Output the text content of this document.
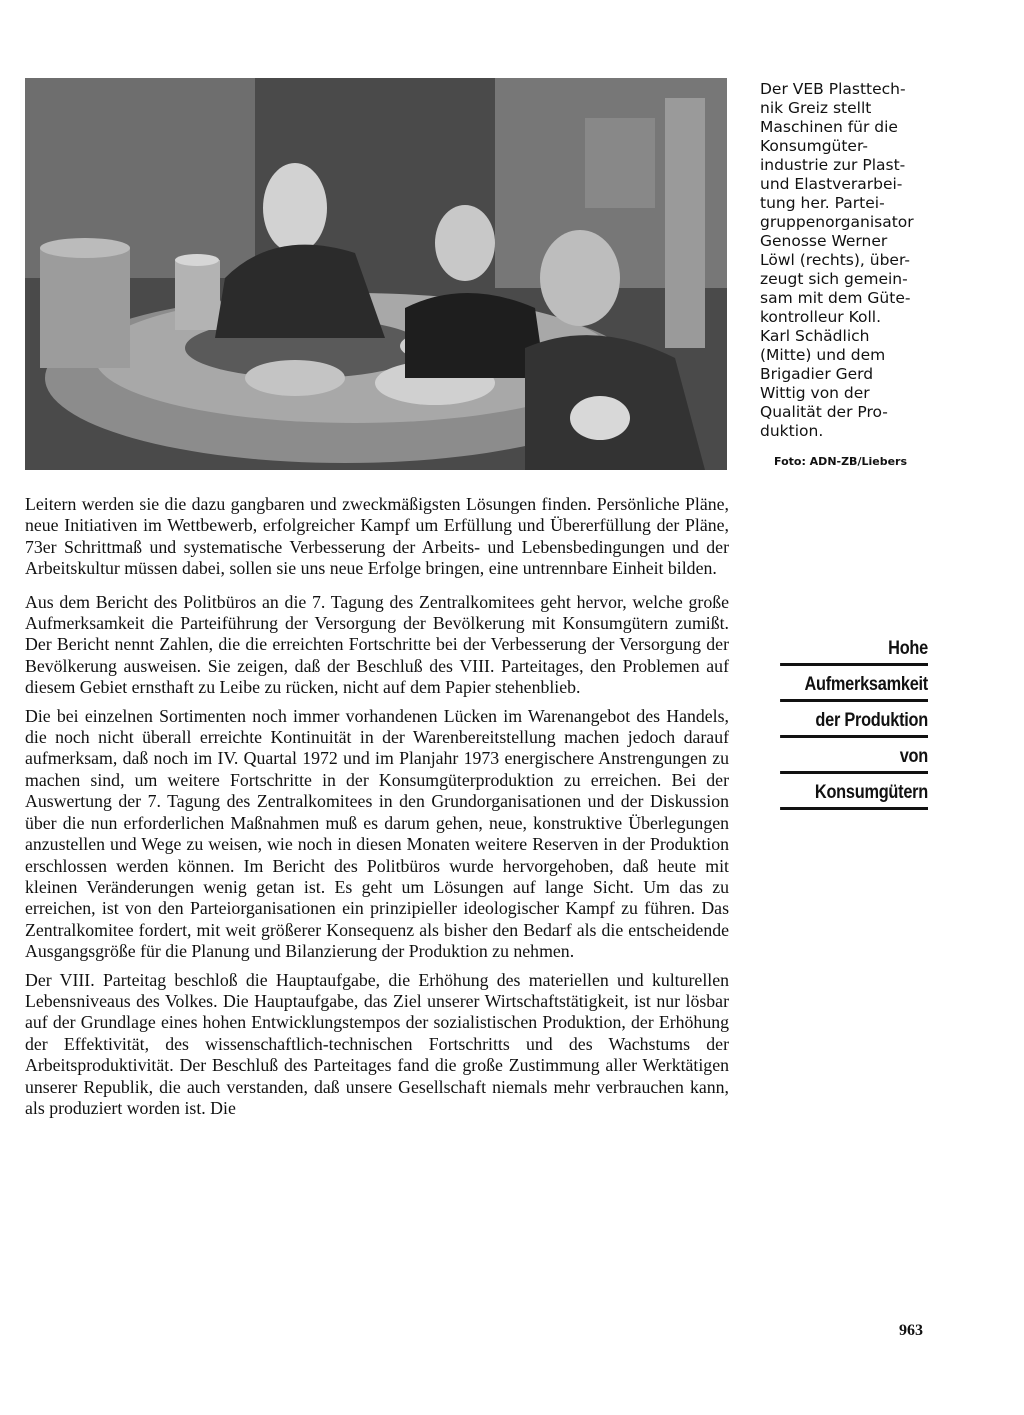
Der VEB Plasttech-
nik Greiz stellt
Maschinen für die
Konsumgüter-
industrie zur Plast-
und Elastverarbei-
tung her. Partei-
gruppenorganisator
Genosse Werner
Löwl (rechts), über-
zeugt sich gemein-
sam mit dem Güte-
kontrolleur Koll.
Karl Schädlich
(Mitte) und dem
Brigadier Gerd
Wittig von der
Qualität der Pro-
duktion.
Foto: ADN-ZB/Liebers

Leitern werden sie die dazu gangbaren und zweckmäßigsten Lösungen finden. Persönliche Pläne, neue Initiativen im Wettbewerb, erfolgreicher Kampf um Erfüllung und Übererfüllung der Pläne, 73er Schrittmaß und systematische Verbesserung der Arbeits- und Lebensbedingungen und der Arbeitskultur müssen dabei, sollen sie uns neue Erfolge bringen, eine untrennbare Einheit bilden.

Aus dem Bericht des Politbüros an die 7. Tagung des Zentralkomitees geht hervor, welche große Aufmerksamkeit die Parteiführung der Versorgung der Bevölkerung mit Konsumgütern zumißt. Der Bericht nennt Zahlen, die die erreichten Fortschritte bei der Verbesserung der Versorgung der Bevölkerung ausweisen. Sie zeigen, daß der Beschluß des VIII. Parteitages, den Problemen auf diesem Gebiet ernsthaft zu Leibe zu rücken, nicht auf dem Papier stehenblieb.

Die bei einzelnen Sortimenten noch immer vorhandenen Lücken im Warenangebot des Handels, die noch nicht überall erreichte Kontinuität in der Warenbereitstellung machen jedoch darauf aufmerksam, daß noch im IV. Quartal 1972 und im Planjahr 1973 energischere Anstrengungen zu machen sind, um weitere Fortschritte in der Konsumgüterproduktion zu erreichen. Bei der Auswertung der 7. Tagung des Zentralkomitees in den Grundorganisationen und der Diskussion über die nun erforderlichen Maßnahmen muß es darum gehen, neue, konstruktive Überlegungen anzustellen und Wege zu weisen, wie noch in diesen Monaten weitere Reserven in der Produktion erschlossen werden können. Im Bericht des Politbüros wurde hervorgehoben, daß heute mit kleinen Veränderungen wenig getan ist. Es geht um Lösungen auf lange Sicht. Um das zu erreichen, ist von den Parteiorganisationen ein prinzipieller ideologischer Kampf zu führen. Das Zentralkomitee fordert, mit weit größerer Konsequenz als bisher den Bedarf als die entscheidende Ausgangsgröße für die Planung und Bilanzierung der Produktion zu nehmen.

Der VIII. Parteitag beschloß die Hauptaufgabe, die Erhöhung des materiellen und kulturellen Lebensniveaus des Volkes. Die Hauptaufgabe, das Ziel unserer Wirtschaftstätigkeit, ist nur lösbar auf der Grundlage eines hohen Entwicklungstempos der sozialistischen Produktion, der Erhöhung der Effektivität, des wissenschaftlich-technischen Fortschritts und des Wachstums der Arbeitsproduktivität. Der Beschluß des Parteitages fand die große Zustimmung aller Werktätigen unserer Republik, die auch verstanden, daß unsere Gesellschaft niemals mehr verbrauchen kann, als produziert worden ist. Die

Hohe
Aufmerksamkeit
der Produktion
von
Konsumgütern
963
